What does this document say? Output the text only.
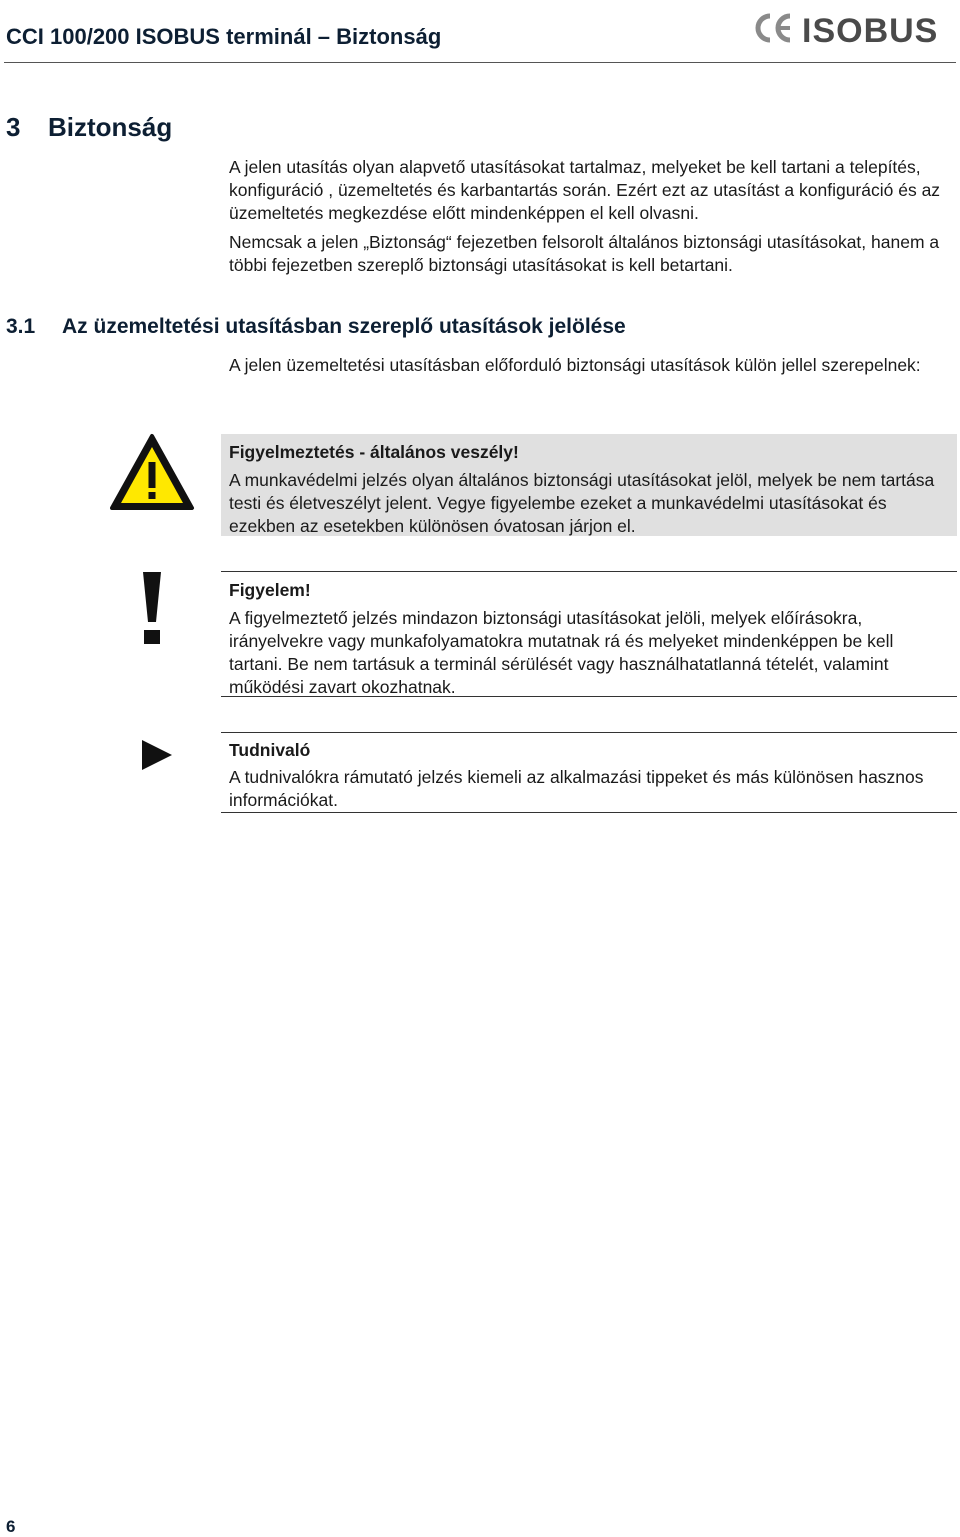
CCI 100/200 ISOBUS terminál – Biztonság	ISOBUS
3 Biztonság
A jelen utasítás olyan alapvető utasításokat tartalmaz, melyeket be kell tartani a telepítés, konfiguráció , üzemeltetés és karbantartás során. Ezért ezt az utasítást a konfiguráció és az üzemeltetés megkezdése előtt mindenképpen el kell olvasni.
Nemcsak a jelen „Biztonság“ fejezetben felsorolt általános biztonsági utasításokat, hanem a többi fejezetben szereplő biztonsági utasításokat is kell betartani.
3.1 Az üzemeltetési utasításban szereplő utasítások jelölése
A jelen üzemeltetési utasításban előforduló biztonsági utasítások külön jellel szerepelnek:
Figyelmeztetés - általános veszély!
A munkavédelmi jelzés olyan általános biztonsági utasításokat jelöl, melyek be nem tartása testi és életveszélyt jelent. Vegye figyelembe ezeket a munkavédelmi utasításokat és ezekben az esetekben különösen óvatosan járjon el.
Figyelem!
A figyelmeztető jelzés mindazon biztonsági utasításokat jelöli, melyek előírásokra, irányelvekre vagy munkafolyamatokra mutatnak rá és melyeket mindenképpen be kell tartani. Be nem tartásuk a terminál sérülését vagy használhatatlanná tételét, valamint működési zavart okozhatnak.
Tudnivaló
A tudnivalókra rámutató jelzés kiemeli az alkalmazási tippeket és más különösen hasznos információkat.
6
